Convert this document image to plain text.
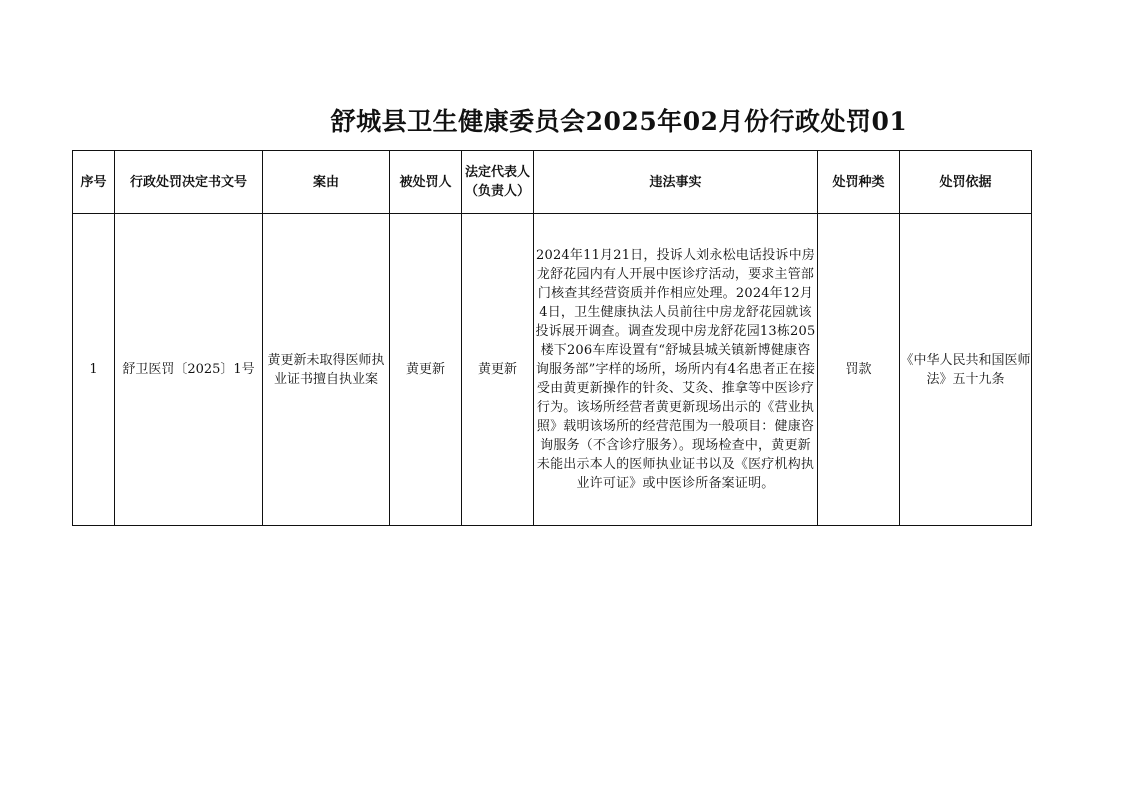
舒城县卫生健康委员会2025年02月份行政处罚01
序号	行政处罚决定书文号	案由	被处罚人	法定代表人（负责人）	违法事实	处罚种类	处罚依据
1	舒卫医罚〔2025〕1号	黄更新未取得医师执业证书擅自执业案	黄更新	黄更新	2024年11月21日，投诉人刘永松电话投诉中房龙舒花园内有人开展中医诊疗活动，要求主管部门核查其经营资质并作相应处理。2024年12月4日，卫生健康执法人员前往中房龙舒花园就该投诉展开调查。调查发现中房龙舒花园13栋205楼下206车库设置有“舒城县城关镇新博健康咨询服务部”字样的场所，场所内有4名患者正在接受由黄更新操作的针灸、艾灸、推拿等中医诊疗行为。该场所经营者黄更新现场出示的《营业执照》载明该场所的经营范围为一般项目：健康咨询服务（不含诊疗服务）。现场检查中，黄更新未能出示本人的医师执业证书以及《医疗机构执业许可证》或中医诊所备案证明。	罚款	《中华人民共和国医师法》五十九条
